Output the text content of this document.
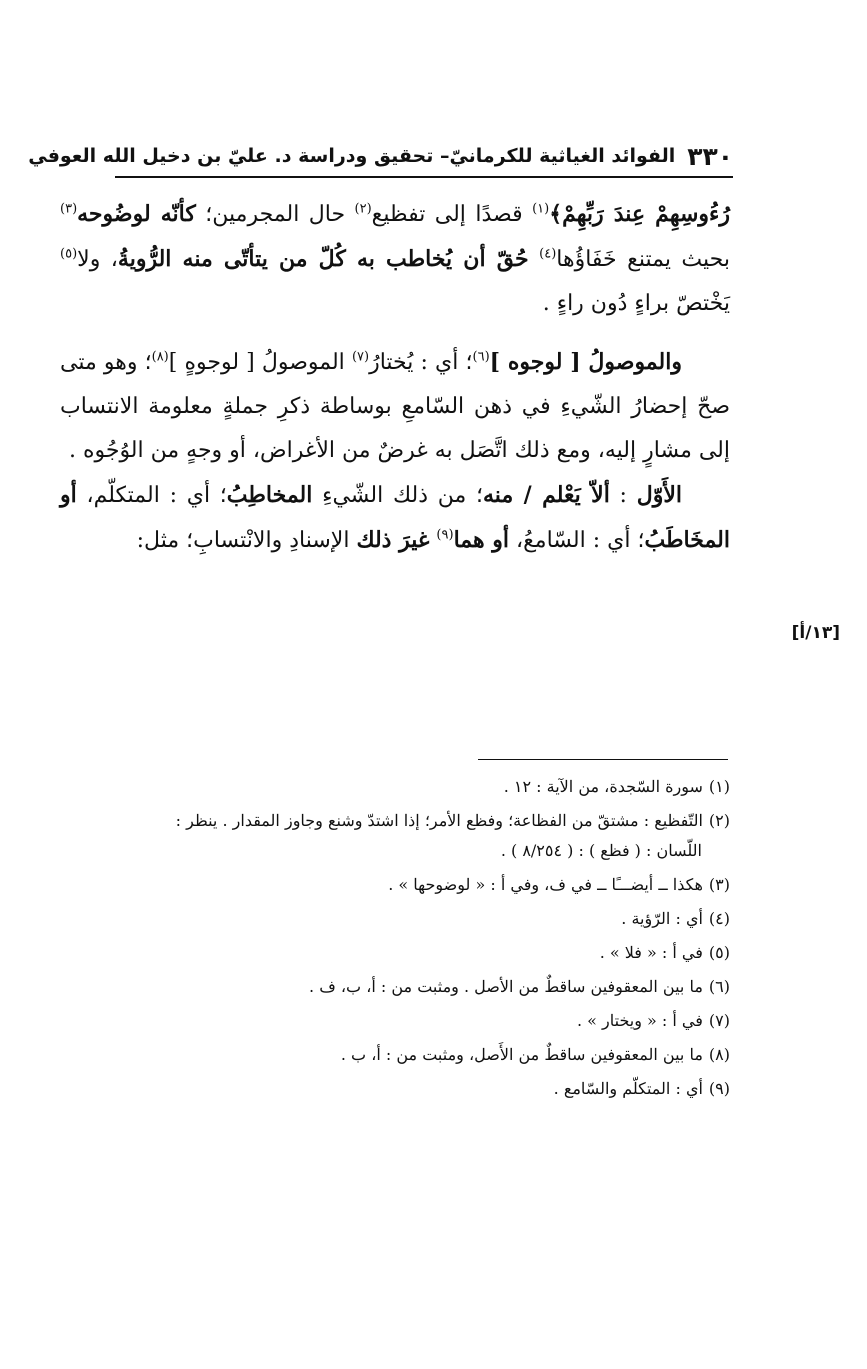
٣٣٠
الفوائد الغياثية للكرمانيّ– تحقيق ودراسة د. عليّ بن دخيل الله العوفي
[١٣/أ]

رُءُوسِهِمْ عِندَ رَبِّهِمْ﴾$^{(١)}$ قصدًا إلى تفظيع$^{(٢)}$ حال المجرمين؛ كأنّه لوضُوحه$^{(٣)}$ بحيث يمتنع خَفَاؤُها$^{(٤)}$ حُقّ أن يُخاطب به كُلّ من يتأتّى منه الرُّويةُ، ولا$^{(٥)}$ يَخْتصّ براءٍ دُون راءٍ .

والموصولُ [ لوجوه ]$^{(٦)}$؛ أي : يُختارُ$^{(٧)}$ الموصولُ [ لوجوهٍ ]$^{(٨)}$؛ وهو متى صحّ إحضارُ الشّيءِ في ذهن السّامعِ بوساطة ذكرِ جملةٍ معلومة الانتساب إلى مشارٍ إليه، ومع ذلك اتَّصَل به غرضٌ من الأغراض، أو وجهٍ من الوُجُوه .

الأَوّل : ألاّ يَعْلم / منه؛ من ذلك الشّيءِ المخاطِبُ؛ أي : المتكلّم، أو المخَاطَبُ؛ أي : السّامعُ، أو هما$^{(٩)}$ غيرَ ذلك الإسنادِ والانْتسابِ؛ مثل:

(١)سورة السّجدة، من الآية : ١٢ .

(٢)التّفظيع : مشتقّ من الفظاعة؛ وفظع الأمر؛ إذا اشتدّ وشنع وجاوز المقدار . ينظر :
اللّسان : ( فظع ) : ( ٨/٢٥٤ ) .

(٣)هكذا ــ أيضـــًا ــ في ف، وفي أ : « لوضوحها » .

(٤)أي : الرّؤية .

(٥)في أ : « فلا » .

(٦)ما بين المعقوفين ساقطٌ من الأصل . ومثبت من : أ، ب، ف .

(٧)في أ : « ويختار » .

(٨)ما بين المعقوفين ساقطٌ من الأَصل، ومثبت من : أ، ب .

(٩)أي : المتكلّم والسّامع .
